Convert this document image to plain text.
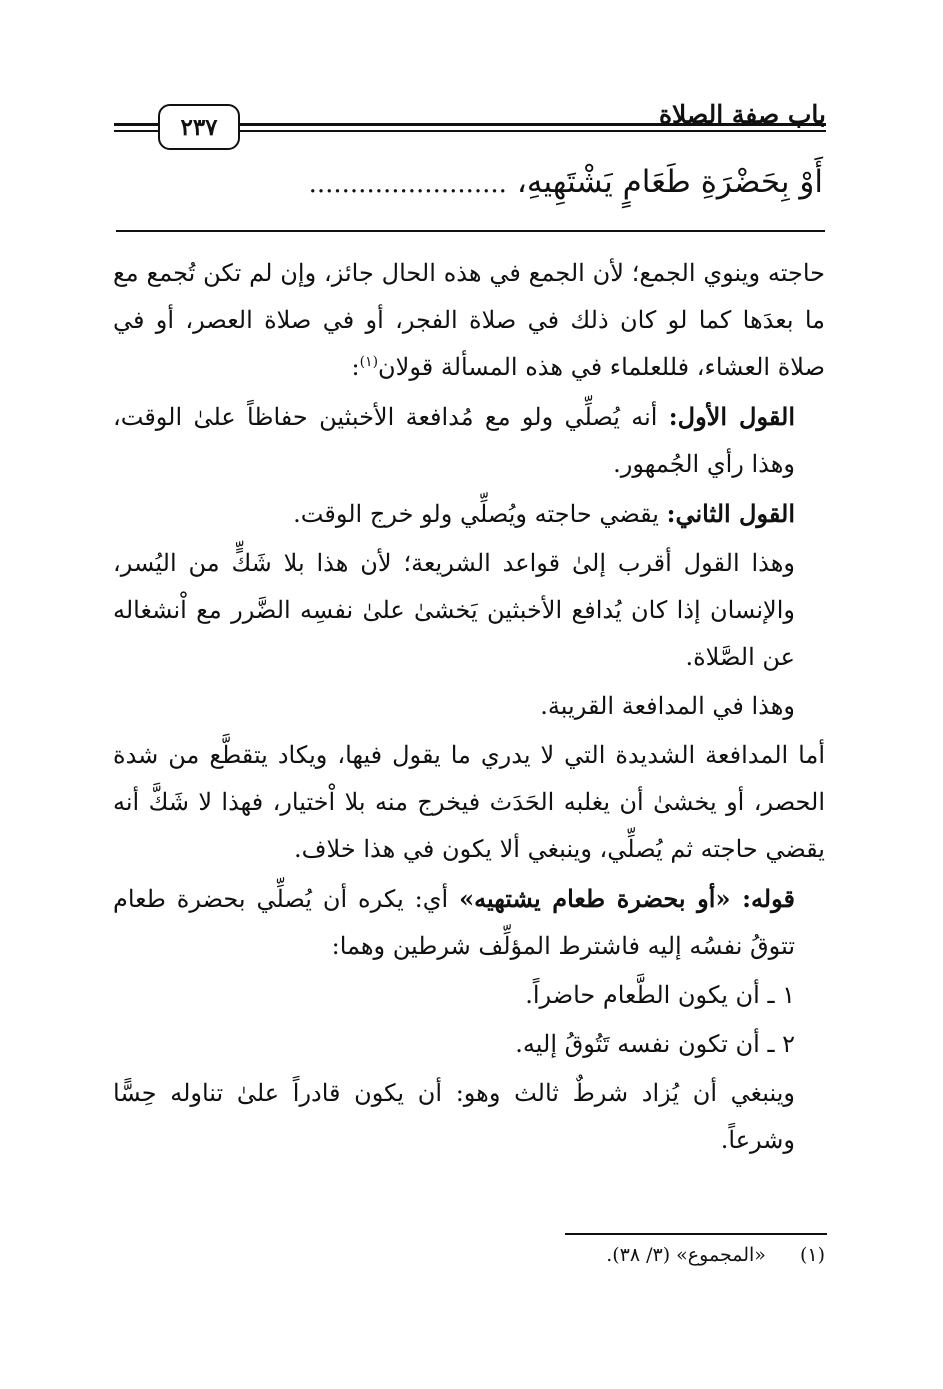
٢٣٧	باب صفة الصلاة
أَوْ بِحَضْرَةِ طَعَامٍ يَشْتَهِيهِ، ........................

حاجته وينوي الجمع؛ لأن الجمع في هذه الحال جائز، وإن لم تكن تُجمع مع ما بعدَها كما لو كان ذلك في صلاة الفجر، أو في صلاة العصر، أو في صلاة العشاء، فللعلماء في هذه المسألة قولان$^{(١)}$:

القول الأول: أنه يُصلِّي ولو مع مُدافعة الأخبثين حفاظاً علىٰ الوقت، وهذا رأي الجُمهور.

القول الثاني: يقضي حاجته ويُصلِّي ولو خرج الوقت.

وهذا القول أقرب إلىٰ قواعد الشريعة؛ لأن هذا بلا شَكٍّ من اليُسر، والإنسان إذا كان يُدافع الأخبثين يَخشىٰ علىٰ نفسِه الضَّرر مع اْنشغاله عن الصَّلاة.

وهذا في المدافعة القريبة.

أما المدافعة الشديدة التي لا يدري ما يقول فيها، ويكاد يتقطَّع من شدة الحصر، أو يخشىٰ أن يغلبه الحَدَث فيخرج منه بلا اْختيار، فهذا لا شَكَّ أنه يقضي حاجته ثم يُصلِّي، وينبغي ألا يكون في هذا خلاف.

قوله: «أو بحضرة طعام يشتهيه» أي: يكره أن يُصلِّي بحضرة طعام تتوقُ نفسُه إليه فاشترط المؤلِّف شرطين وهما:

١ ـ أن يكون الطَّعام حاضراً.

٢ ـ أن تكون نفسه تَتُوقُ إليه.

وينبغي أن يُزاد شرطٌ ثالث وهو: أن يكون قادراً علىٰ تناوله حِسًّا وشرعاً.

(١) «المجموع» (٣/ ٣٨).
